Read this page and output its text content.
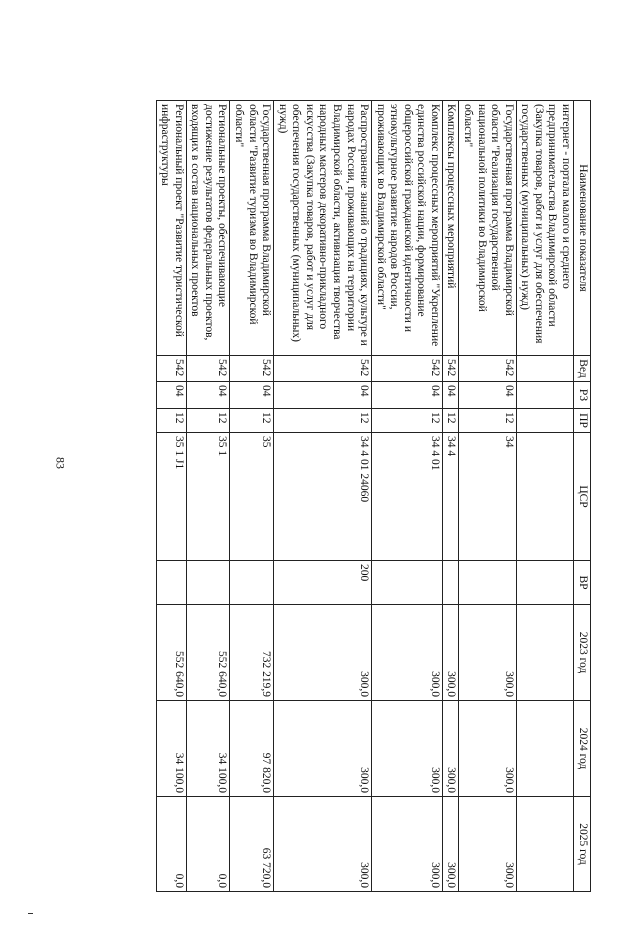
83
Наименование показателя	Вед	РЗ	ПР	ЦСР	ВР	2023 год	2024 год	2025 год
интернет - портала малого и среднего предпринимательства Владимирской области (Закупка товаров, работ и услуг для обеспечения государственных (муниципальных) нужд)								
Государственная программа Владимирской области "Реализация государственной национальной политики во Владимирской области"	542	04	12	34		300,0	300,0	300,0
Комплексы процессных мероприятий	542	04	12	34 4		300,0	300,0	300,0
Комплекс процессных мероприятий "Укрепление единства российской нации, формирование общероссийской гражданской идентичности и этнокультурное развитие народов России, проживающих во Владимирской области"	542	04	12	34 4 01		300,0	300,0	300,0
Распространение знаний о традициях, культуре и народах России, проживающих на территории Владимирской области, активизация творчества народных мастеров декоративно-прикладного искусства (Закупка товаров, работ и услуг для обеспечения государственных (муниципальных) нужд)	542	04	12	34 4 01 24060	200	300,0	300,0	300,0
Государственная программа Владимирской области "Развитие туризма во Владимирской области"	542	04	12	35		732 219,9	97 820,0	63 720,0
Региональные проекты, обеспечивающие достижение результатов федеральных проектов, входящих в состав национальных проектов	542	04	12	35 1		552 640,0	34 100,0	0,0
Региональный проект "Развитие туристической инфраструктуры	542	04	12	35 1 J1		552 640,0	34 100,0	0,0
